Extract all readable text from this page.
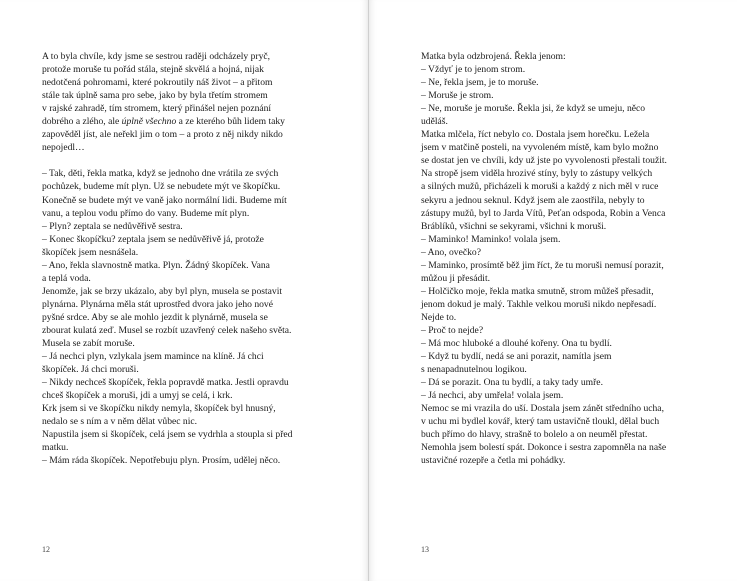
A to byla chvíle, kdy jsme se sestrou raději odcházely pryč,
protože moruše tu pořád stála, stejně skvělá a hojná, nijak
nedotčená pohromami, které pokroutily náš život – a přitom
stále tak úplně sama pro sebe, jako by byla třetím stromem
v rajské zahradě, tím stromem, který přinášel nejen poznání
dobrého a zlého, ale úplně všechno a ze kterého bůh lidem taky
zapověděl jíst, ale neřekl jim o tom – a proto z něj nikdy nikdo
nepojedl…
– Tak, děti, řekla matka, když se jednoho dne vrátila ze svých
pochůzek, budeme mít plyn. Už se nebudete mýt ve škopíčku.
Konečně se budete mýt ve vaně jako normální lidi. Budeme mít
vanu, a teplou vodu přímo do vany. Budeme mít plyn.
– Plyn? zeptala se nedůvěřivě sestra.
– Konec škopíčku? zeptala jsem se nedůvěřivě já, protože
škopíček jsem nesnášela.
– Ano, řekla slavnostně matka. Plyn. Žádný škopíček. Vana
a teplá voda.
Jenomže, jak se brzy ukázalo, aby byl plyn, musela se postavit
plynárna. Plynárna měla stát uprostřed dvora jako jeho nové
pyšné srdce. Aby se ale mohlo jezdit k plynárně, musela se
zbourat kulatá zeď. Musel se rozbít uzavřený celek našeho světa.
Musela se zabít moruše.
– Já nechci plyn, vzlykala jsem mamince na klíně. Já chci
škopíček. Já chci moruši.
– Nikdy nechceš škopíček, řekla popravdě matka. Jestli opravdu
chceš škopíček a moruši, jdi a umyj se celá, i krk.
Krk jsem si ve škopíčku nikdy nemyla, škopíček byl hnusný,
nedalo se s ním a v něm dělat vůbec nic.
Napustila jsem si škopíček, celá jsem se vydrhla a stoupla si před
matku.
– Mám ráda škopíček. Nepotřebuju plyn. Prosím, udělej něco.
12
Matka byla odzbrojená. Řekla jenom:
– Vždyť je to jenom strom.
– Ne, řekla jsem, je to moruše.
– Moruše je strom.
– Ne, moruše je moruše. Řekla jsi, že když se umeju, něco
uděláš.
Matka mlčela, říct nebylo co. Dostala jsem horečku. Ležela
jsem v matčině posteli, na vyvoleném místě, kam bylo možno
se dostat jen ve chvíli, kdy už jste po vyvolenosti přestali toužit.
Na stropě jsem viděla hrozivé stíny, byly to zástupy velkých
a silných mužů, přicházeli k moruši a každý z nich měl v ruce
sekyru a jednou seknul. Když jsem ale zaostřila, nebyly to
zástupy mužů, byl to Jarda Vítů, Peťan odspoda, Robin a Venca
Bráblíků, všichni se sekyrami, všichni k moruši.
– Maminko! Maminko! volala jsem.
– Ano, ovečko?
– Maminko, prosímtě běž jim říct, že tu moruši nemusí porazit,
můžou ji přesádit.
– Holčičko moje, řekla matka smutně, strom můžeš přesadit,
jenom dokud je malý. Takhle velkou moruši nikdo nepřesadí.
Nejde to.
– Proč to nejde?
– Má moc hluboké a dlouhé kořeny. Ona tu bydlí.
– Když tu bydlí, nedá se ani porazit, namítla jsem
s nenapadnutelnou logikou.
– Dá se porazit. Ona tu bydlí, a taky tady umře.
– Já nechci, aby umřela! volala jsem.
Nemoc se mi vrazila do uší. Dostala jsem zánět středního ucha,
v uchu mi bydlel kovář, který tam ustavičně tloukl, dělal buch
buch přímo do hlavy, strašně to bolelo a on neuměl přestat.
Nemohla jsem bolestí spát. Dokonce i sestra zapomněla na naše
ustavičné rozepře a četla mi pohádky.
13
